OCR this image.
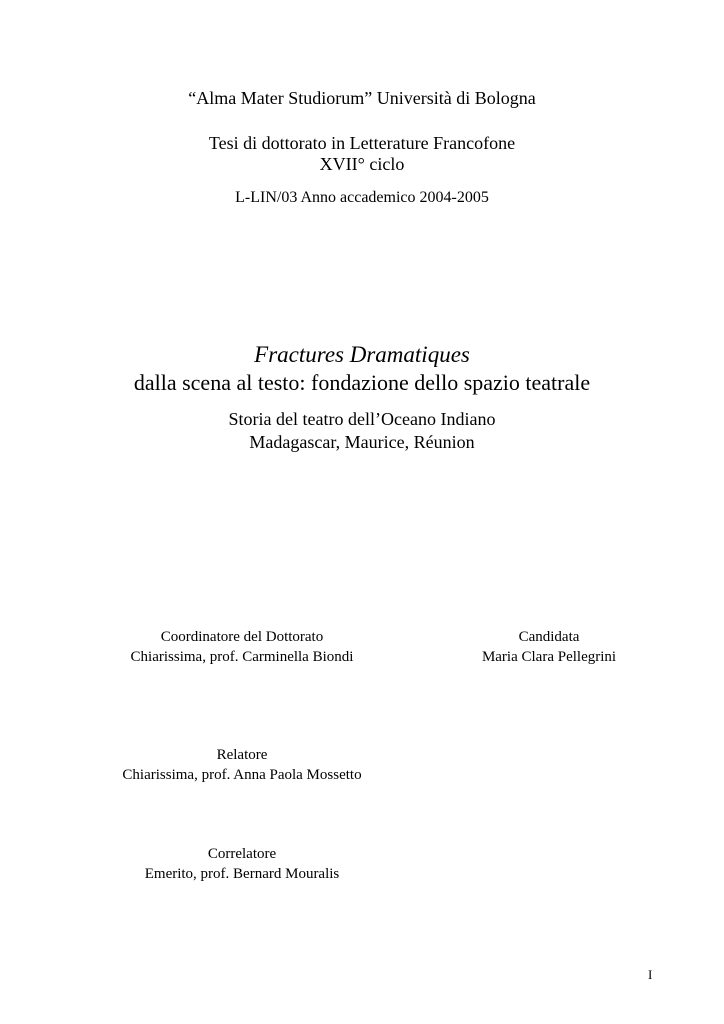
“Alma Mater Studiorum” Università di Bologna
Tesi di dottorato in Letterature Francofone
XVII° ciclo
L-LIN/03 Anno accademico 2004-2005
Fractures Dramatiques
dalla scena al testo: fondazione dello spazio teatrale
Storia del teatro dell’Oceano Indiano
Madagascar, Maurice, Réunion
Coordinatore del Dottorato
Chiarissima, prof. Carminella Biondi
Candidata
Maria Clara Pellegrini
Relatore
Chiarissima, prof. Anna Paola Mossetto
Correlatore
Emerito, prof. Bernard Mouralis
I
